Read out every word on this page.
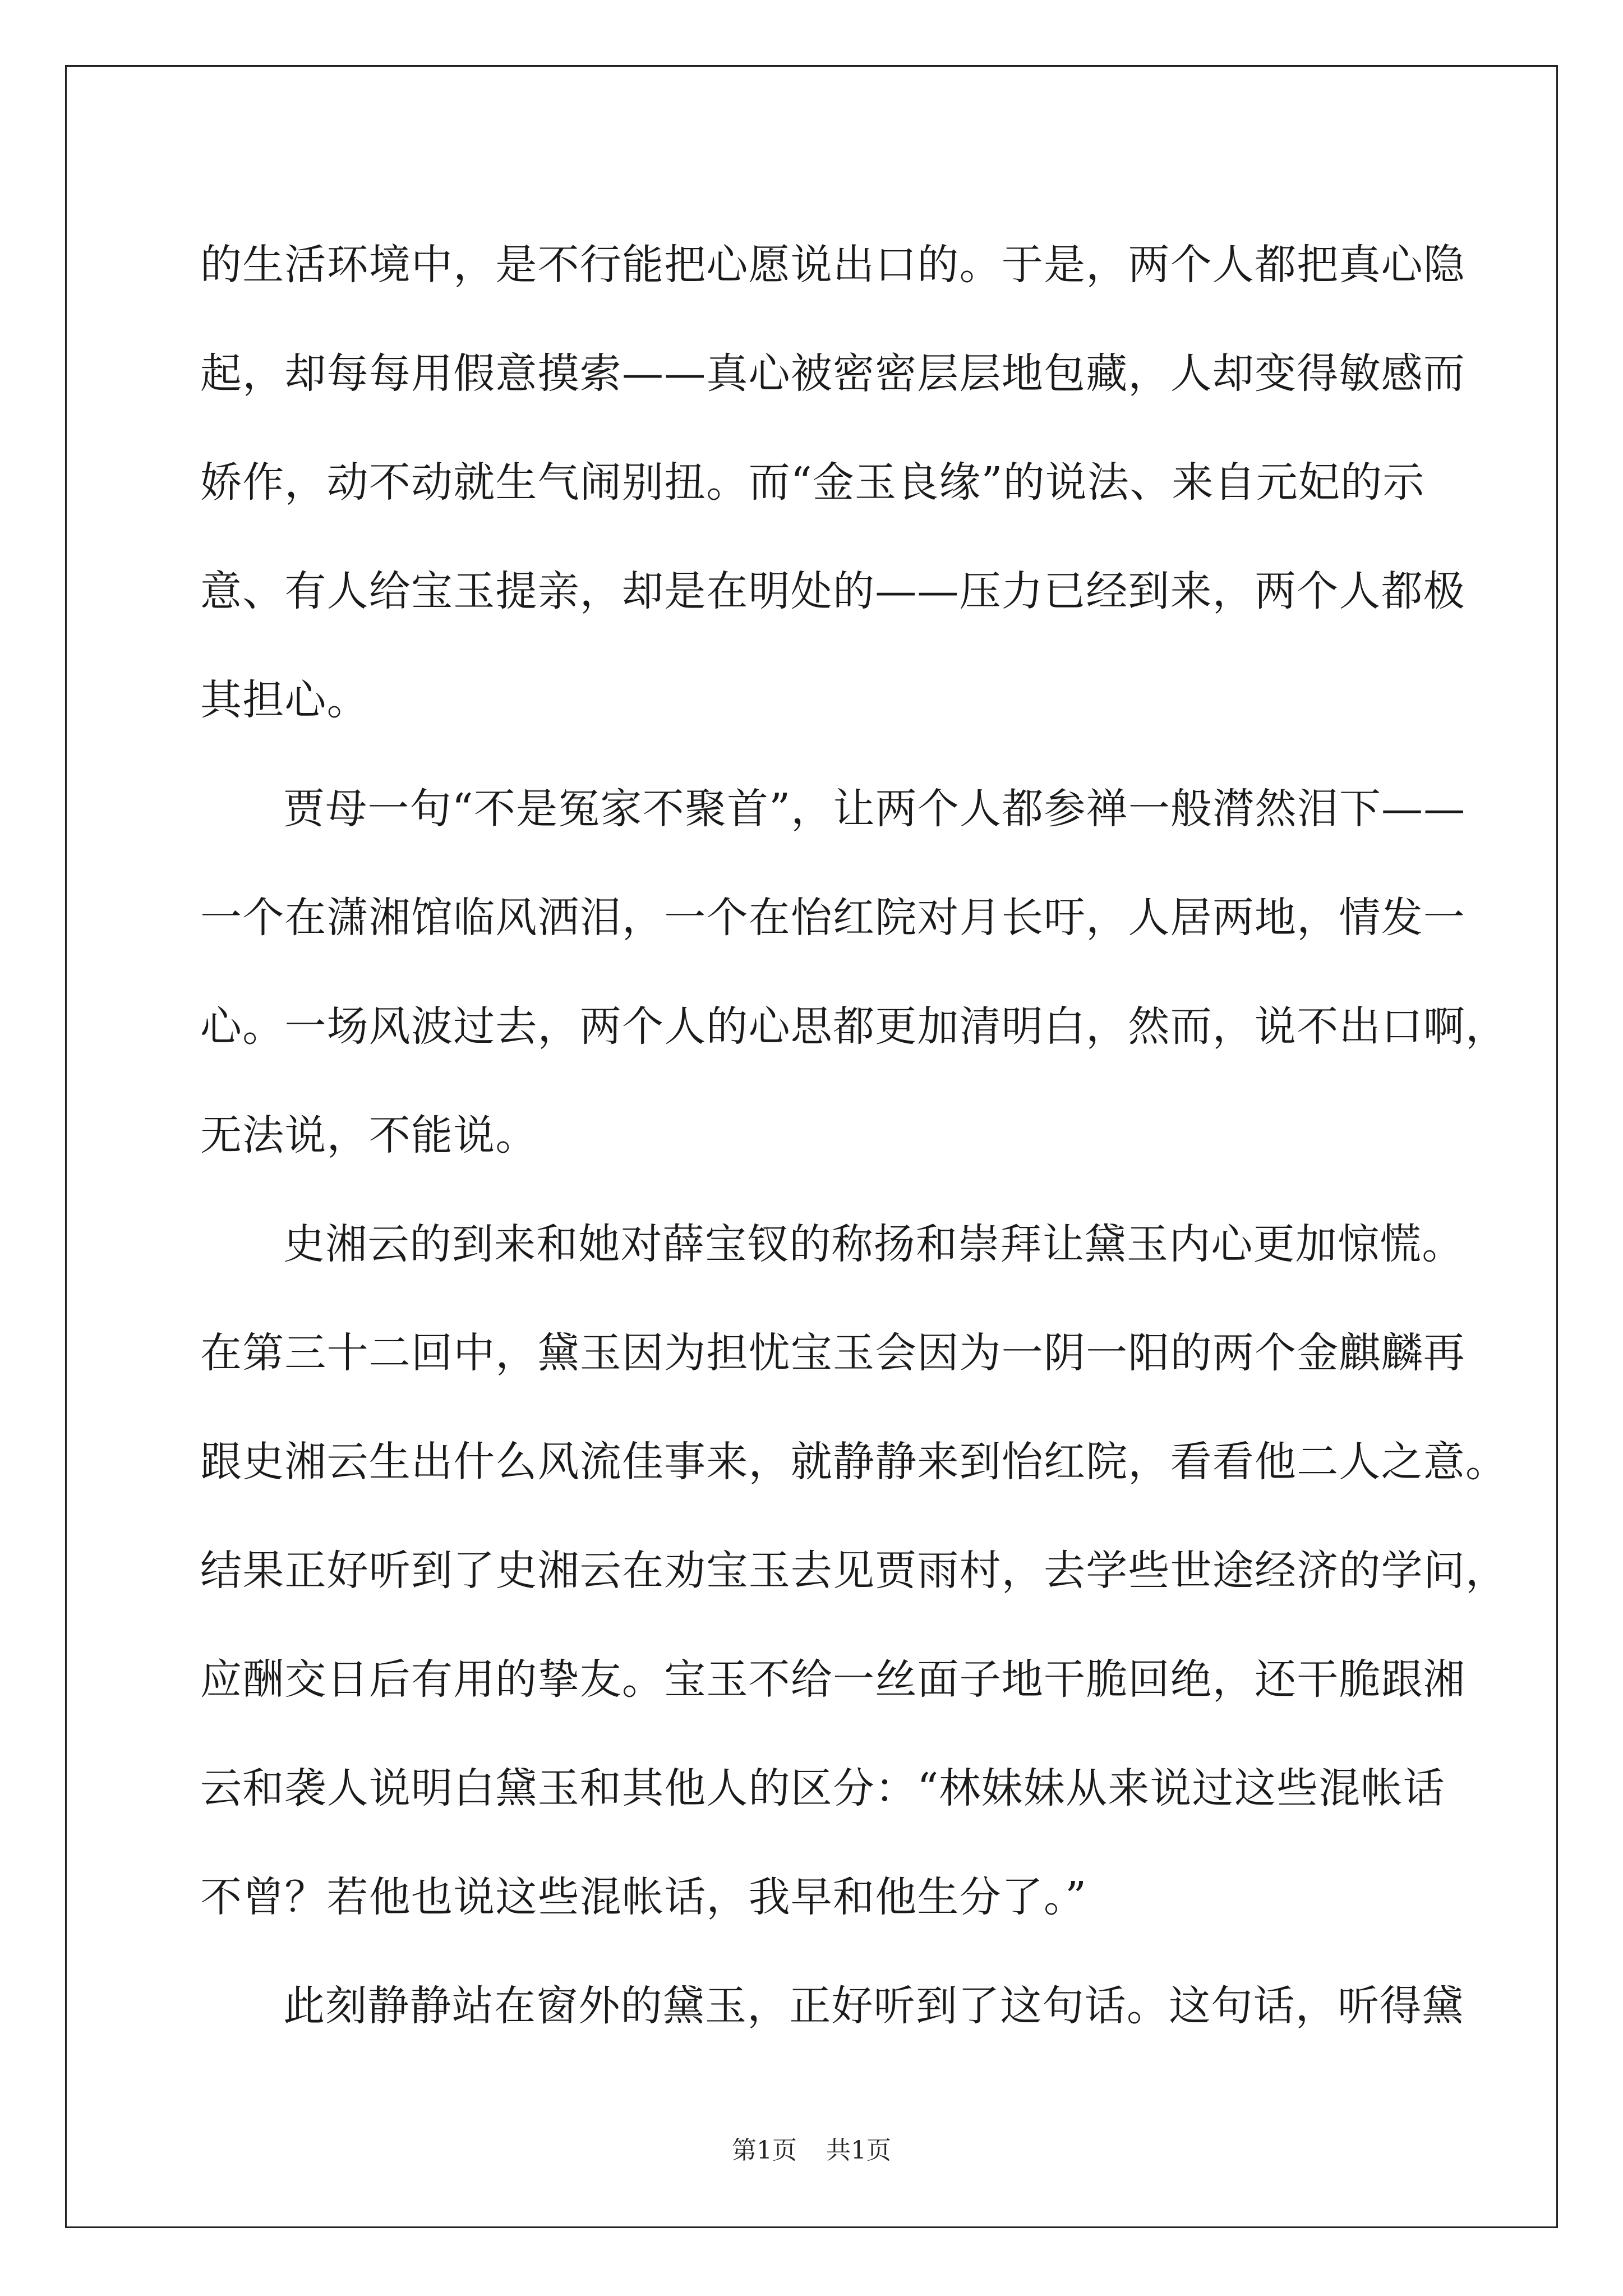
的生活环境中，是不行能把心愿说出口的。于是，两个人都把真心隐
起，却每每用假意摸索——真心被密密层层地包藏，人却变得敏感而
娇作，动不动就生气闹别扭。而“金玉良缘”的说法、来自元妃的示
意、有人给宝玉提亲，却是在明处的——压力已经到来，两个人都极
其担心。
贾母一句“不是冤家不聚首”，让两个人都参禅一般潸然泪下——
一个在潇湘馆临风洒泪，一个在怡红院对月长吁，人居两地，情发一
心。一场风波过去，两个人的心思都更加清明白，然而，说不出口啊，
无法说，不能说。
史湘云的到来和她对薛宝钗的称扬和崇拜让黛玉内心更加惊慌。
在第三十二回中，黛玉因为担忧宝玉会因为一阴一阳的两个金麒麟再
跟史湘云生出什么风流佳事来，就静静来到怡红院，看看他二人之意。
结果正好听到了史湘云在劝宝玉去见贾雨村，去学些世途经济的学问，
应酬交日后有用的挚友。宝玉不给一丝面子地干脆回绝，还干脆跟湘
云和袭人说明白黛玉和其他人的区分：“林妹妹从来说过这些混帐话
不曾？若他也说这些混帐话，我早和他生分了。”
此刻静静站在窗外的黛玉，正好听到了这句话。这句话，听得黛
第1页 共1页
